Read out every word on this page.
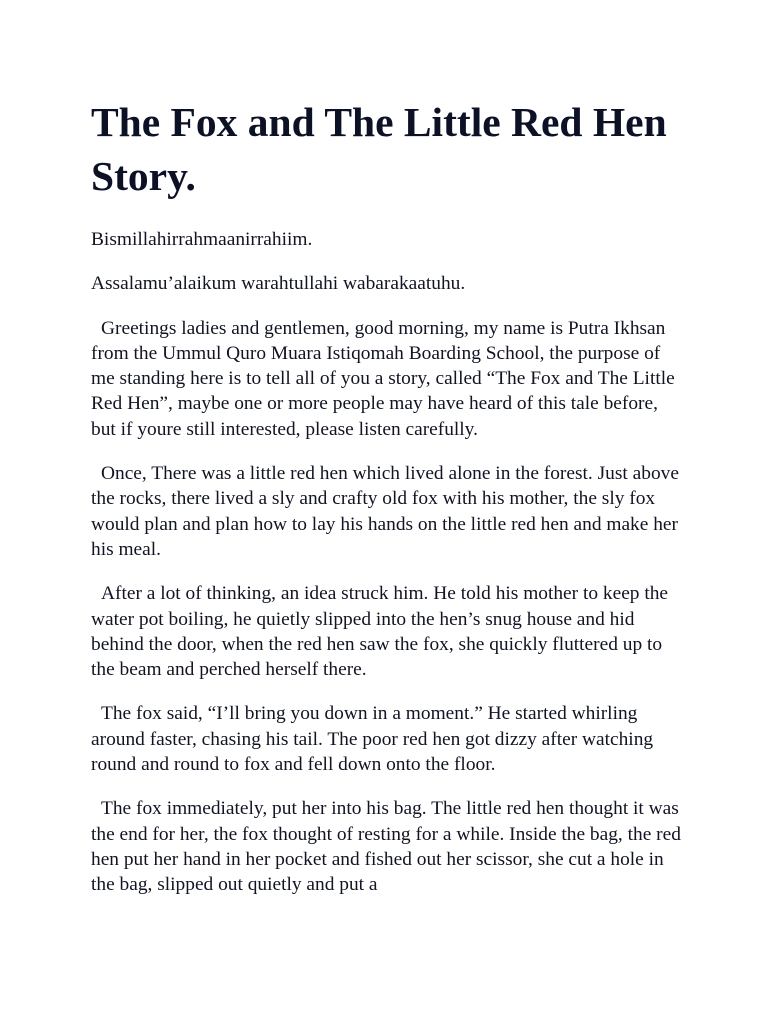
The Fox and The Little Red Hen Story.

Bismillahirrahmaanirrahiim.

Assalamu’alaikum warahtullahi wabarakaatuhu.

Greetings ladies and gentlemen, good morning, my name is Putra Ikhsan from the Ummul Quro Muara Istiqomah Boarding School, the purpose of me standing here is to tell all of you a story, called “The Fox and The Little Red Hen”, maybe one or more people may have heard of this tale before, but if youre still interested, please listen carefully.

Once, There was a little red hen which lived alone in the forest. Just above the rocks, there lived a sly and crafty old fox with his mother, the sly fox would plan and plan how to lay his hands on the little red hen and make her his meal.

After a lot of thinking, an idea struck him. He told his mother to keep the water pot boiling, he quietly slipped into the hen’s snug house and hid behind the door, when the red hen saw the fox, she quickly fluttered up to the beam and perched herself there.

The fox said, “I’ll bring you down in a moment.” He started whirling around faster, chasing his tail. The poor red hen got dizzy after watching round and round to fox and fell down onto the floor.

The fox immediately, put her into his bag. The little red hen thought it was the end for her, the fox thought of resting for a while. Inside the bag, the red hen put her hand in her pocket and fished out her scissor, she cut a hole in the bag, slipped out quietly and put a
